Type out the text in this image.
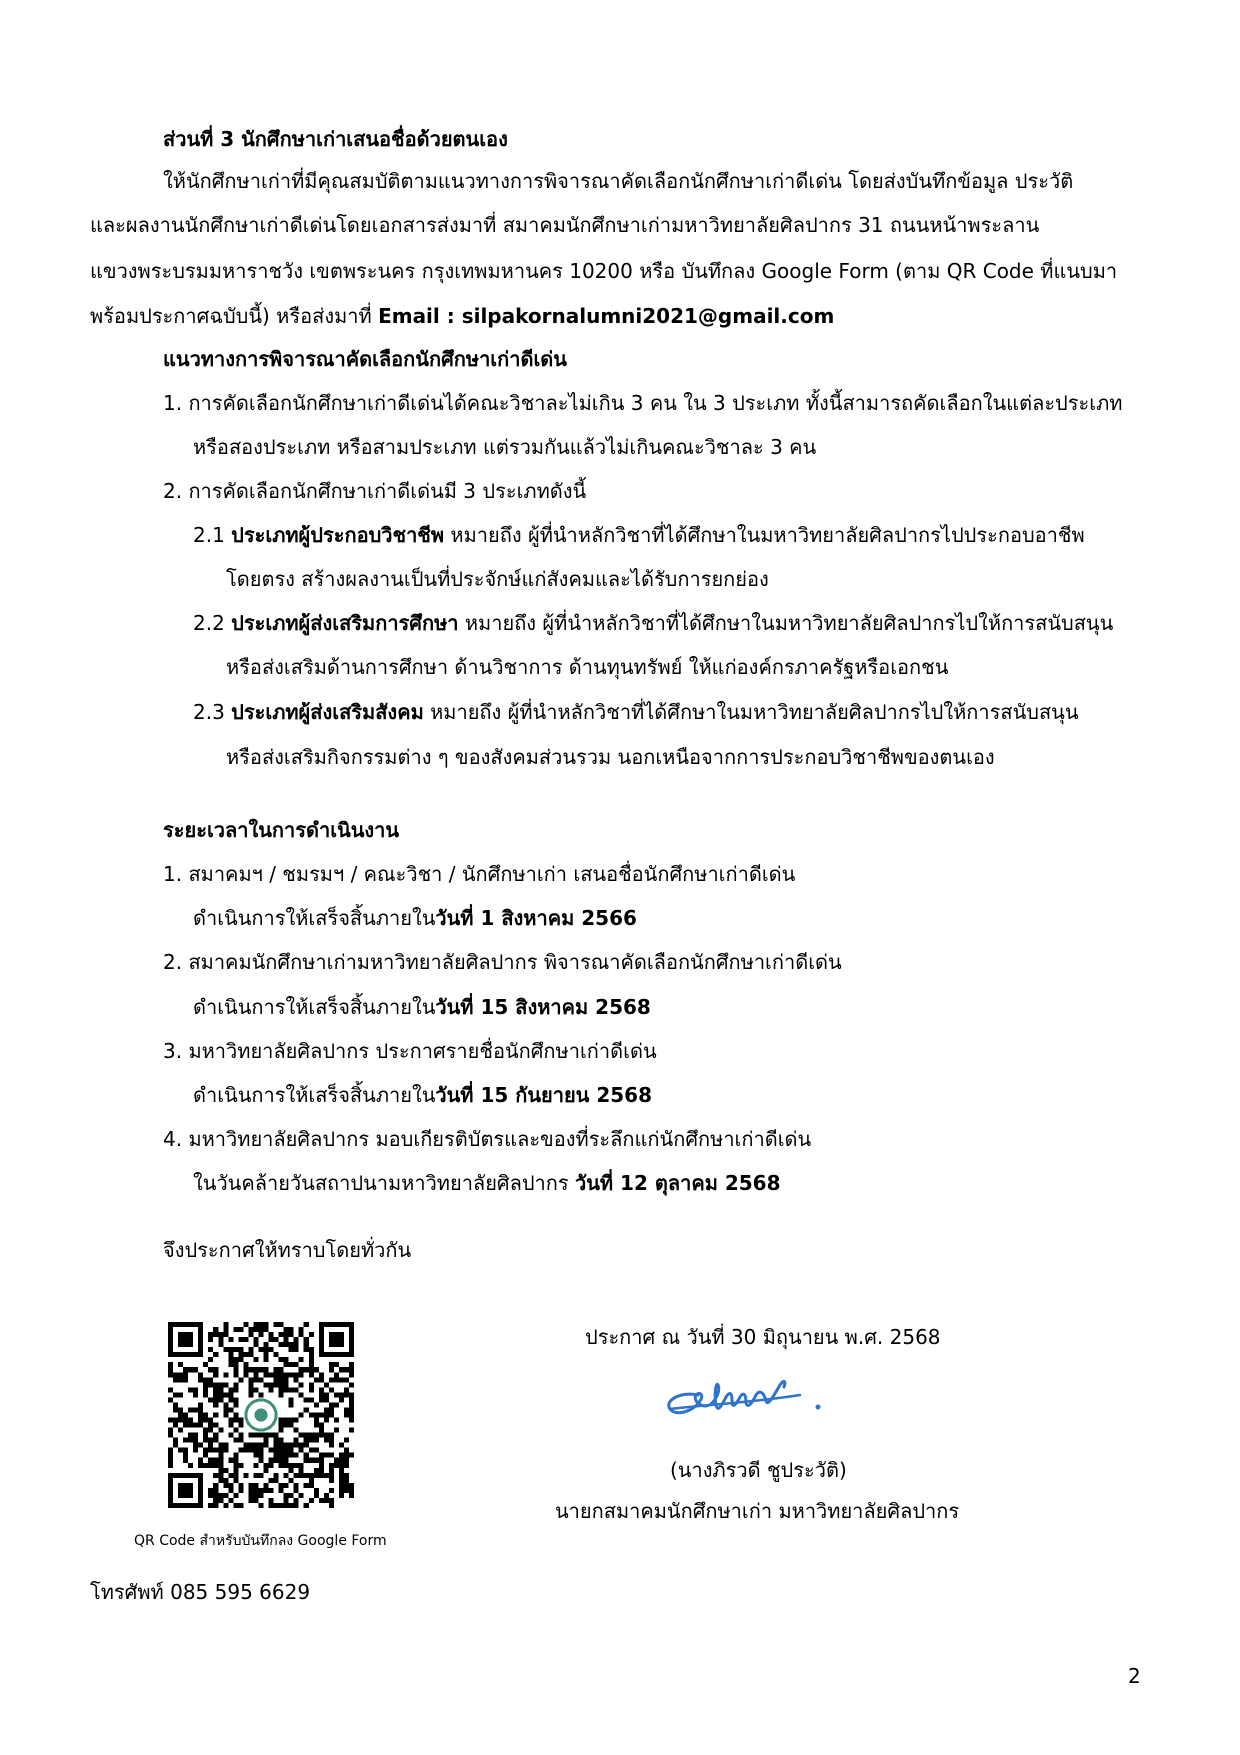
ส่วนที่ 3 นักศึกษาเก่าเสนอชื่อด้วยตนเอง
ให้นักศึกษาเก่าที่มีคุณสมบัติตามแนวทางการพิจารณาคัดเลือกนักศึกษาเก่าดีเด่น โดยส่งบันทึกข้อมูล ประวัติ
และผลงานนักศึกษาเก่าดีเด่นโดยเอกสารส่งมาที่ สมาคมนักศึกษาเก่ามหาวิทยาลัยศิลปากร 31 ถนนหน้าพระลาน
แขวงพระบรมมหาราชวัง เขตพระนคร กรุงเทพมหานคร 10200 หรือ บันทึกลง Google Form (ตาม QR Code ที่แนบมา
พร้อมประกาศฉบับนี้) หรือส่งมาที่ Email : silpakornalumni2021@gmail.com
แนวทางการพิจารณาคัดเลือกนักศึกษาเก่าดีเด่น
1. การคัดเลือกนักศึกษาเก่าดีเด่นได้คณะวิชาละไม่เกิน 3 คน ใน 3 ประเภท ทั้งนี้สามารถคัดเลือกในแต่ละประเภท
หรือสองประเภท หรือสามประเภท แต่รวมกันแล้วไม่เกินคณะวิชาละ 3 คน
2. การคัดเลือกนักศึกษาเก่าดีเด่นมี 3 ประเภทดังนี้
2.1 ประเภทผู้ประกอบวิชาชีพ หมายถึง ผู้ที่นำหลักวิชาที่ได้ศึกษาในมหาวิทยาลัยศิลปากรไปประกอบอาชีพ
โดยตรง สร้างผลงานเป็นที่ประจักษ์แก่สังคมและได้รับการยกย่อง
2.2 ประเภทผู้ส่งเสริมการศึกษา หมายถึง ผู้ที่นำหลักวิชาที่ได้ศึกษาในมหาวิทยาลัยศิลปากรไปให้การสนับสนุน
หรือส่งเสริมด้านการศึกษา ด้านวิชาการ ด้านทุนทรัพย์ ให้แก่องค์กรภาครัฐหรือเอกชน
2.3 ประเภทผู้ส่งเสริมสังคม หมายถึง ผู้ที่นำหลักวิชาที่ได้ศึกษาในมหาวิทยาลัยศิลปากรไปให้การสนับสนุน
หรือส่งเสริมกิจกรรมต่าง ๆ ของสังคมส่วนรวม นอกเหนือจากการประกอบวิชาชีพของตนเอง
ระยะเวลาในการดำเนินงาน
1. สมาคมฯ / ชมรมฯ / คณะวิชา / นักศึกษาเก่า เสนอชื่อนักศึกษาเก่าดีเด่น
ดำเนินการให้เสร็จสิ้นภายในวันที่ 1 สิงหาคม 2566
2. สมาคมนักศึกษาเก่ามหาวิทยาลัยศิลปากร พิจารณาคัดเลือกนักศึกษาเก่าดีเด่น
ดำเนินการให้เสร็จสิ้นภายในวันที่ 15 สิงหาคม 2568
3. มหาวิทยาลัยศิลปากร ประกาศรายชื่อนักศึกษาเก่าดีเด่น
ดำเนินการให้เสร็จสิ้นภายในวันที่ 15 กันยายน 2568
4. มหาวิทยาลัยศิลปากร มอบเกียรติบัตรและของที่ระลึกแก่นักศึกษาเก่าดีเด่น
ในวันคล้ายวันสถาปนามหาวิทยาลัยศิลปากร วันที่ 12 ตุลาคม 2568
จึงประกาศให้ทราบโดยทั่วกัน
QR Code สำหรับบันทึกลง Google Form
ประกาศ ณ วันที่ 30 มิถุนายน พ.ศ. 2568
(นางภิรวดี ชูประวัติ)
นายกสมาคมนักศึกษาเก่า มหาวิทยาลัยศิลปากร
โทรศัพท์ 085 595 6629
2
